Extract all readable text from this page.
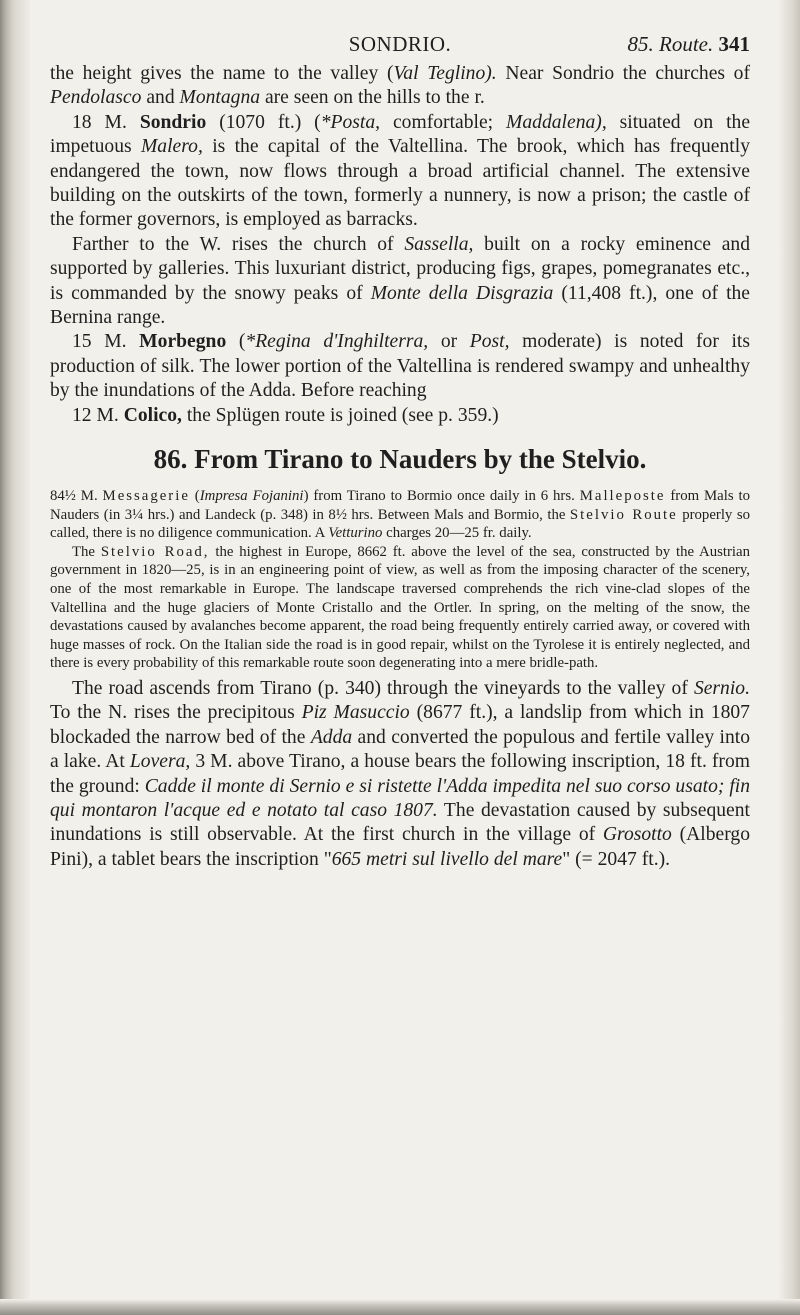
SONDRIO.	85. Route. 341

the height gives the name to the valley (Val Teglino). Near Sondrio the churches of Pendolasco and Montagna are seen on the hills to the r.

18 M. Sondrio (1070 ft.) (*Posta, comfortable; Maddalena), situated on the impetuous Malero, is the capital of the Valtellina. The brook, which has frequently endangered the town, now flows through a broad artificial channel. The extensive building on the outskirts of the town, formerly a nunnery, is now a prison; the castle of the former governors, is employed as barracks.

Farther to the W. rises the church of Sassella, built on a rocky eminence and supported by galleries. This luxuriant district, producing figs, grapes, pomegranates etc., is commanded by the snowy peaks of Monte della Disgrazia (11,408 ft.), one of the Bernina range.

15 M. Morbegno (*Regina d'Inghilterra, or Post, moderate) is noted for its production of silk. The lower portion of the Valtellina is rendered swampy and unhealthy by the inundations of the Adda. Before reaching

12 M. Colico, the Splügen route is joined (see p. 359.)

86. From Tirano to Nauders by the Stelvio.

84½ M. Messagerie (Impresa Fojanini) from Tirano to Bormio once daily in 6 hrs. Malleposte from Mals to Nauders (in 3¼ hrs.) and Landeck (p. 348) in 8½ hrs. Between Mals and Bormio, the Stelvio Route properly so called, there is no diligence communication. A Vetturino charges 20—25 fr. daily.

The Stelvio Road, the highest in Europe, 8662 ft. above the level of the sea, constructed by the Austrian government in 1820—25, is in an engineering point of view, as well as from the imposing character of the scenery, one of the most remarkable in Europe. The landscape traversed comprehends the rich vine-clad slopes of the Valtellina and the huge glaciers of Monte Cristallo and the Ortler. In spring, on the melting of the snow, the devastations caused by avalanches become apparent, the road being frequently entirely carried away, or covered with huge masses of rock. On the Italian side the road is in good repair, whilst on the Tyrolese it is entirely neglected, and there is every probability of this remarkable route soon degenerating into a mere bridle-path.

The road ascends from Tirano (p. 340) through the vineyards to the valley of Sernio. To the N. rises the precipitous Piz Masuccio (8677 ft.), a landslip from which in 1807 blockaded the narrow bed of the Adda and converted the populous and fertile valley into a lake. At Lovera, 3 M. above Tirano, a house bears the following inscription, 18 ft. from the ground: Cadde il monte di Sernio e si ristette l'Adda impedita nel suo corso usato; fin qui montaron l'acque ed e notato tal caso 1807. The devastation caused by subsequent inundations is still observable. At the first church in the village of Grosotto (Albergo Pini), a tablet bears the inscription "665 metri sul livello del mare" (= 2047 ft.).
